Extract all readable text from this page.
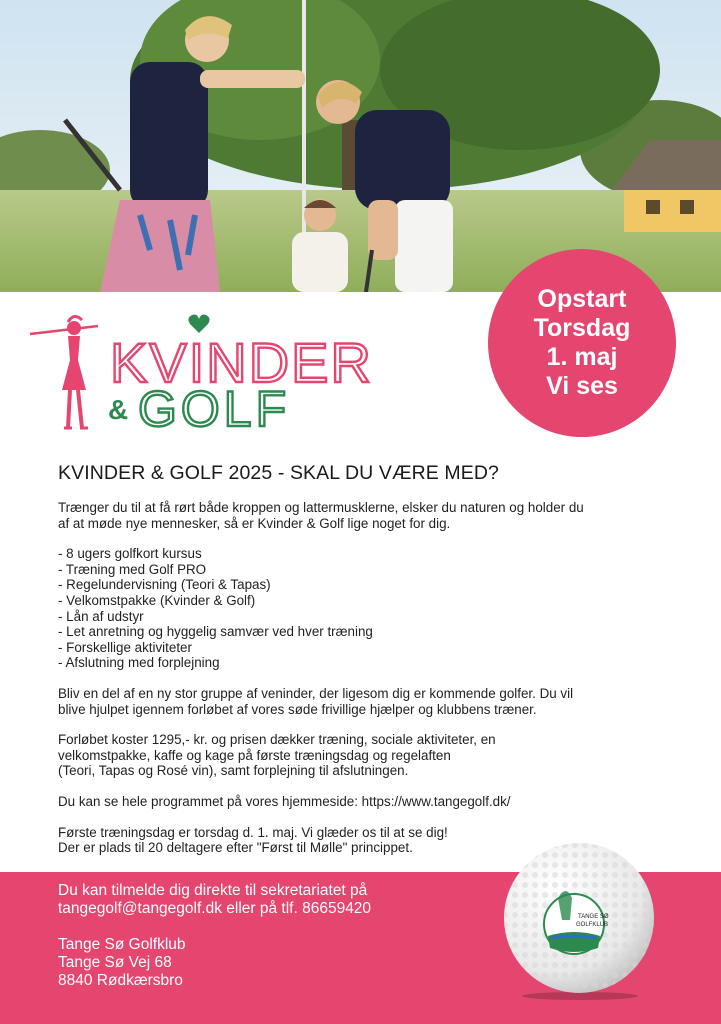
Opstart
Torsdag
1. maj
Vi ses
KVINDER
& GOLF
KVINDER & GOLF 2025 - SKAL DU VÆRE MED?

Trænger du til at få rørt både kroppen og lattermusklerne, elsker du naturen og holder du
af at møde nye mennesker, så er Kvinder & Golf lige noget for dig.

- 8 ugers golfkort kursus
- Træning med Golf PRO
- Regelundervisning (Teori & Tapas)
- Velkomstpakke (Kvinder & Golf)
- Lån af udstyr
- Let anretning og hyggelig samvær ved hver træning
- Forskellige aktiviteter
- Afslutning med forplejning

Bliv en del af en ny stor gruppe af veninder, der ligesom dig er kommende golfer. Du vil
blive hjulpet igennem forløbet af vores søde frivillige hjælper og klubbens træner.

Forløbet koster 1295,- kr. og prisen dækker træning, sociale aktiviteter, en
velkomstpakke, kaffe og kage på første træningsdag og regelaften
(Teori, Tapas og Rosé vin), samt forplejning til afslutningen.

Du kan se hele programmet på vores hjemmeside: https://www.tangegolf.dk/

Første træningsdag er torsdag d. 1. maj. Vi glæder os til at se dig!
Der er plads til 20 deltagere efter "Først til Mølle" princippet.

Du kan tilmelde dig direkte til sekretariatet på
tangegolf@tangegolf.dk eller på tlf. 86659420
Tange Sø Golfklub
Tange Sø Vej 68
8840 Rødkærsbro
TANGE SØ
GOLFKLUB
